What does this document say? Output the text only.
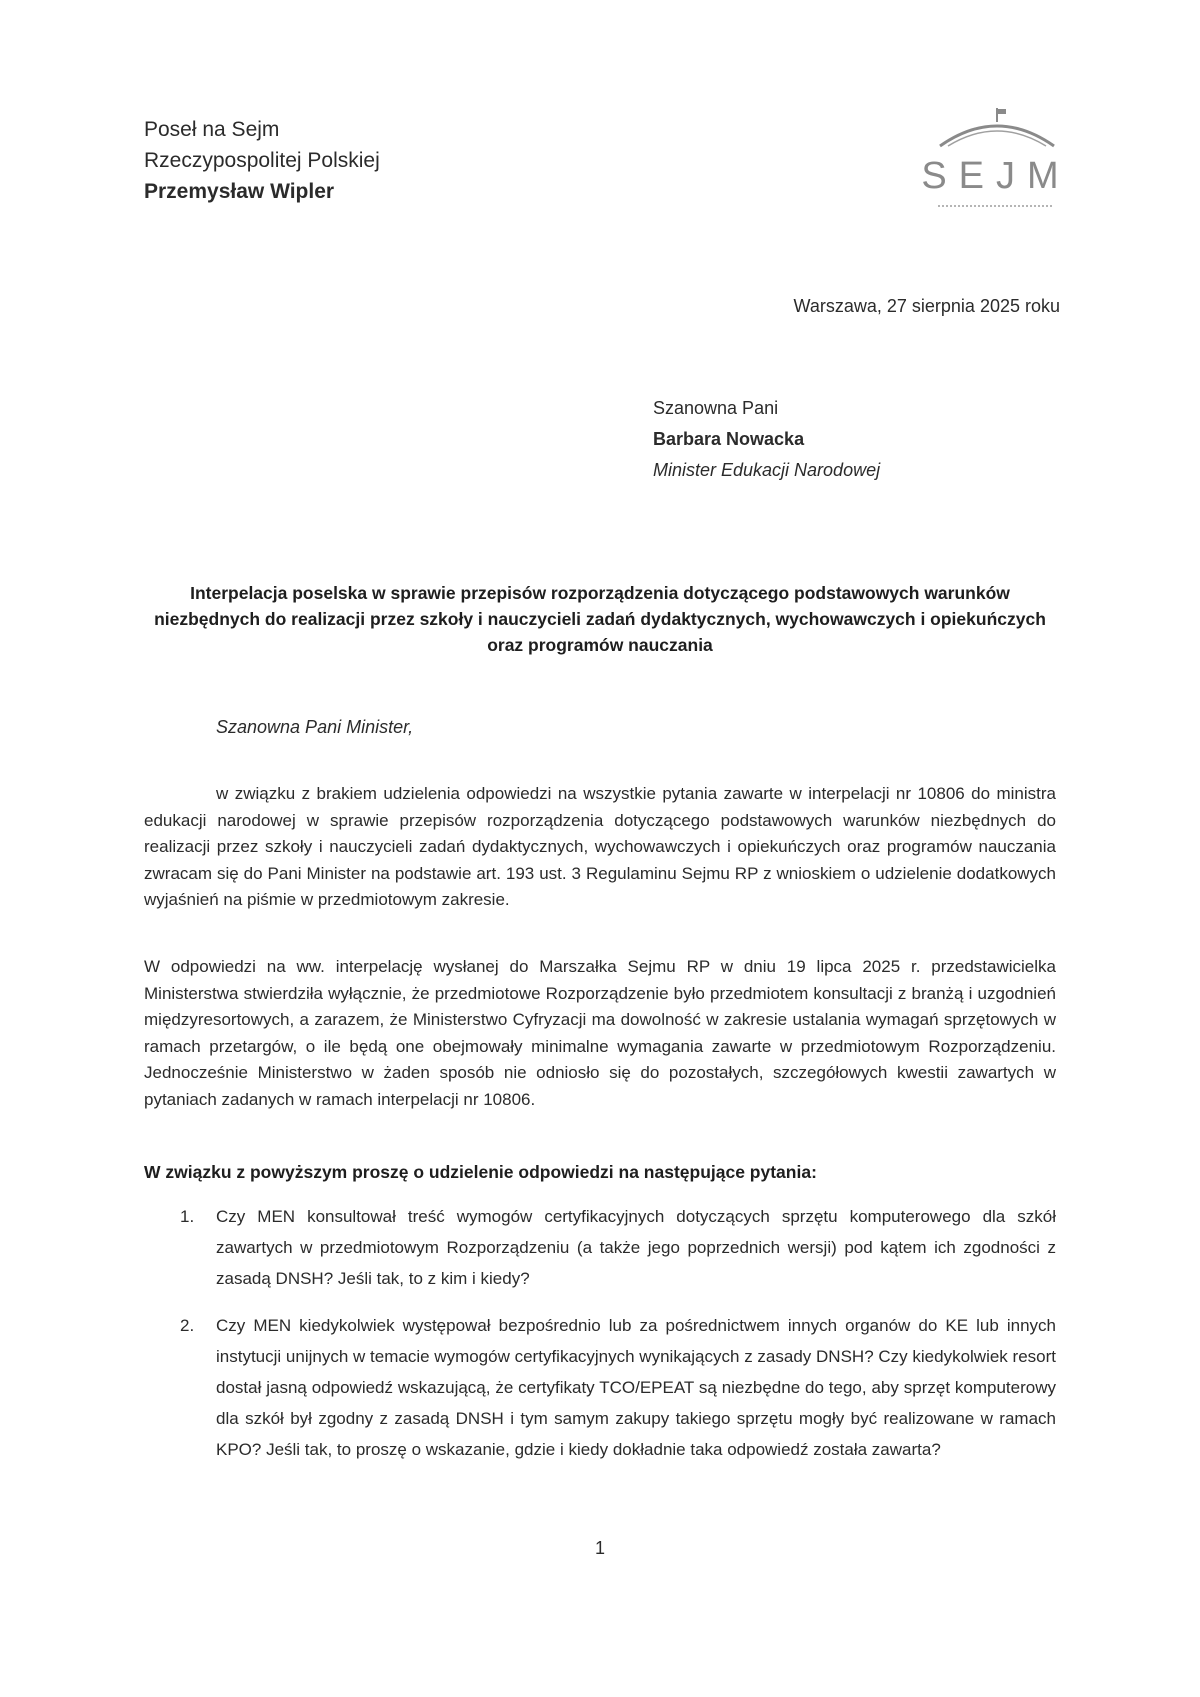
Poseł na Sejm
Rzeczypospolitej Polskiej
Przemysław Wipler	SEJM
Warszawa, 27 sierpnia 2025 roku
Szanowna Pani
Barbara Nowacka
Minister Edukacji Narodowej
Interpelacja poselska w sprawie przepisów rozporządzenia dotyczącego podstawowych warunków niezbędnych do realizacji przez szkoły i nauczycieli zadań dydaktycznych, wychowawczych i opiekuńczych oraz programów nauczania
Szanowna Pani Minister,
w związku z brakiem udzielenia odpowiedzi na wszystkie pytania zawarte w interpelacji nr 10806 do ministra edukacji narodowej w sprawie przepisów rozporządzenia dotyczącego podstawowych warunków niezbędnych do realizacji przez szkoły i nauczycieli zadań dydaktycznych, wychowawczych i opiekuńczych oraz programów nauczania zwracam się do Pani Minister na podstawie art. 193 ust. 3 Regulaminu Sejmu RP z wnioskiem o udzielenie dodatkowych wyjaśnień na piśmie w przedmiotowym zakresie.
W odpowiedzi na ww. interpelację wysłanej do Marszałka Sejmu RP w dniu 19 lipca 2025 r. przedstawicielka Ministerstwa stwierdziła wyłącznie, że przedmiotowe Rozporządzenie było przedmiotem konsultacji z branżą i uzgodnień międzyresortowych, a zarazem, że Ministerstwo Cyfryzacji ma dowolność w zakresie ustalania wymagań sprzętowych w ramach przetargów, o ile będą one obejmowały minimalne wymagania zawarte w przedmiotowym Rozporządzeniu. Jednocześnie Ministerstwo w żaden sposób nie odniosło się do pozostałych, szczegółowych kwestii zawartych w pytaniach zadanych w ramach interpelacji nr 10806.
W związku z powyższym proszę o udzielenie odpowiedzi na następujące pytania:
1. Czy MEN konsultował treść wymogów certyfikacyjnych dotyczących sprzętu komputerowego dla szkół zawartych w przedmiotowym Rozporządzeniu (a także jego poprzednich wersji) pod kątem ich zgodności z zasadą DNSH? Jeśli tak, to z kim i kiedy?
2. Czy MEN kiedykolwiek występował bezpośrednio lub za pośrednictwem innych organów do KE lub innych instytucji unijnych w temacie wymogów certyfikacyjnych wynikających z zasady DNSH? Czy kiedykolwiek resort dostał jasną odpowiedź wskazującą, że certyfikaty TCO/EPEAT są niezbędne do tego, aby sprzęt komputerowy dla szkół był zgodny z zasadą DNSH i tym samym zakupy takiego sprzętu mogły być realizowane w ramach KPO? Jeśli tak, to proszę o wskazanie, gdzie i kiedy dokładnie taka odpowiedź została zawarta?
1
